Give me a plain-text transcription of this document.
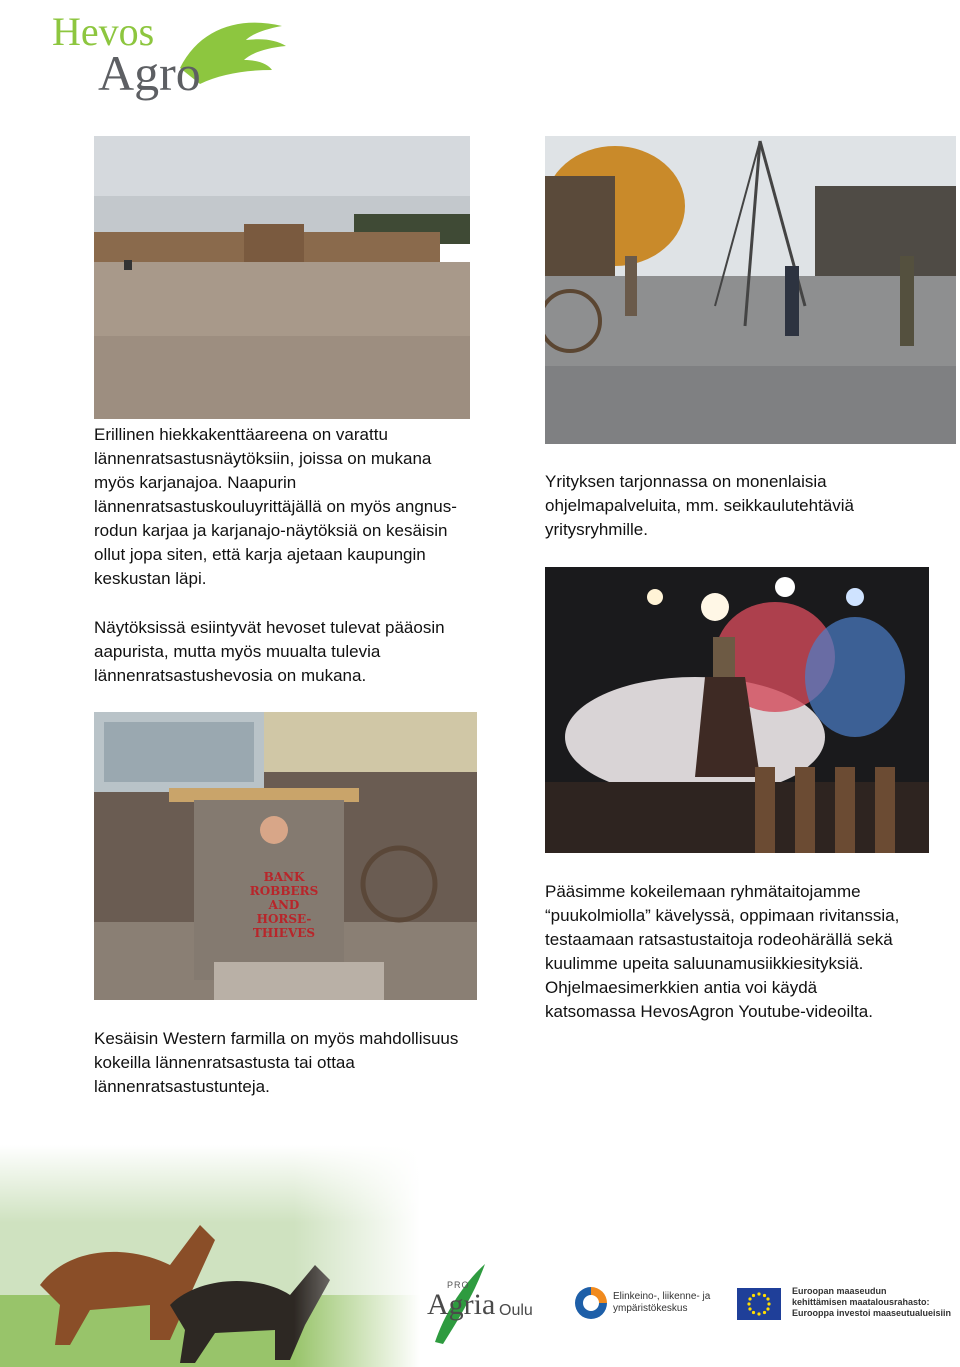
Hevos
Agro

Erillinen hiekkakenttäareena on varattu
lännenratsastusnäytöksiin, joissa on mukana
myös karjanajoa. Naapurin
lännenratsastuskouluyrittäjällä on myös angnus-
rodun karjaa ja karjanajo-näytöksiä on kesäisin
ollut jopa siten, että karja ajetaan kaupungin
keskustan läpi.

Yrityksen tarjonnassa on monenlaisia
ohjelmapalveluita, mm. seikkaulutehtäviä
yritysryhmille.

Näytöksissä esiintyvät hevoset tulevat pääosin
aapurista, mutta myös muualta tulevia
lännenratsastushevosia on mukana.

BANK ROBBERS
AND
HORSE-THIEVES

Pääsimme kokeilemaan ryhmätaitojamme
“puukolmiolla” kävelyssä, oppimaan rivitanssia,
testaamaan ratsastustaitoja rodeohärällä sekä
kuulimme upeita saluunamusiikkiesityksiä.
Ohjelmaesimerkkien antia voi käydä
katsomassa HevosAgron Youtube-videoilta.

Kesäisin Western farmilla on myös mahdollisuus
kokeilla lännenratsastusta tai ottaa
lännenratsastustunteja.

PRO
Agria Oulu
Elinkeino-, liikenne- ja
ympäristökeskus
Euroopan maaseudun
kehittämisen maatalousrahasto:
Eurooppa investoi maaseutualueisiin
